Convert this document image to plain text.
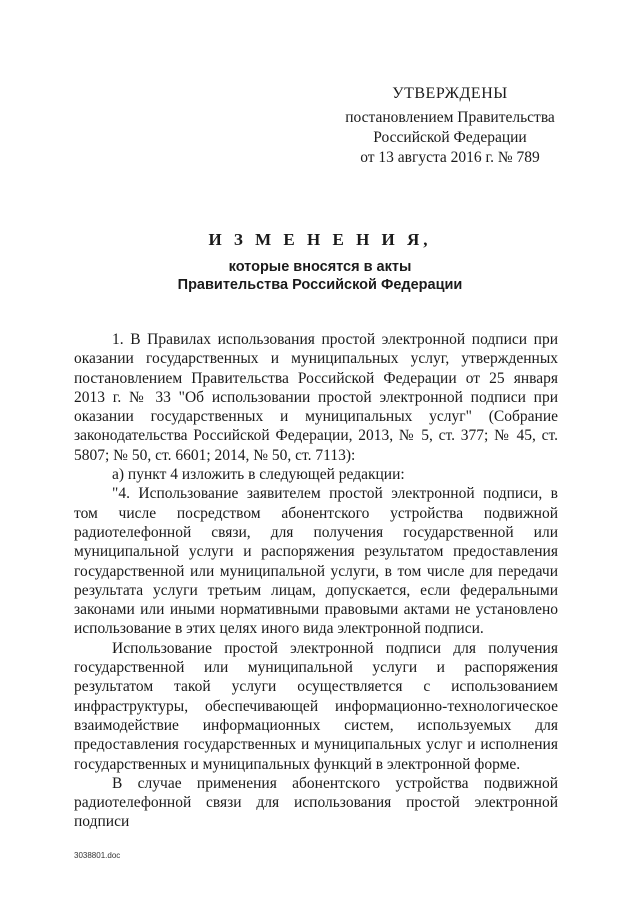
УТВЕРЖДЕНЫ
постановлением Правительства
Российской Федерации
от 13 августа 2016 г. № 789
И З М Е Н Е Н И Я,
которые вносятся в акты
Правительства Российской Федерации

1. В Правилах использования простой электронной подписи при оказании государственных и муниципальных услуг, утвержденных постановлением Правительства Российской Федерации от 25 января 2013 г. № 33 "Об использовании простой электронной подписи при оказании государственных и муниципальных услуг" (Собрание законодательства Российской Федерации, 2013, № 5, ст. 377; № 45, ст. 5807; № 50, ст. 6601; 2014, № 50, ст. 7113):

а) пункт 4 изложить в следующей редакции:

"4. Использование заявителем простой электронной подписи, в том числе посредством абонентского устройства подвижной радиотелефонной связи, для получения государственной или муниципальной услуги и распоряжения результатом предоставления государственной или муниципальной услуги, в том числе для передачи результата услуги третьим лицам, допускается, если федеральными законами или иными нормативными правовыми актами не установлено использование в этих целях иного вида электронной подписи.

Использование простой электронной подписи для получения государственной или муниципальной услуги и распоряжения результатом такой услуги осуществляется с использованием инфраструктуры, обеспечивающей информационно-технологическое взаимодействие информационных систем, используемых для предоставления государственных и муниципальных услуг и исполнения государственных и муниципальных функций в электронной форме.

В случае применения абонентского устройства подвижной радиотелефонной связи для использования простой электронной подписи

3038801.doc
